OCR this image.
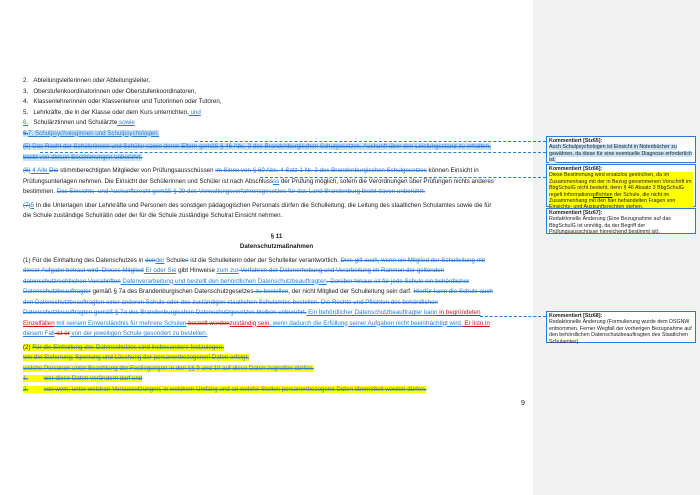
2. Abteilungsleiterinnen oder Abteilungsleiter,
3. Oberstufenkoordinatorinnen oder Oberstufenkoordinatoren,
4. Klassenlehrerinnen oder Klassenlehrer und Tutorinnen oder Tutoren,
5. Lehrkräfte, die in der Klasse oder dem Kurs unterrichten, und
6. Schulärztinnen und Schulärzte sowie
6.7. Schulpsychologinnen und Schulpsychologen.
(5) Das Recht der Schülerinnen und Schüler sowie deren Eltern gemäß § 46 Abs. 3 des Brandenburgischen Schulgesetzes, Auskunft über den Leistungsstand zu erhalten,
bleibt von diesen Bestimmungen unberührt.
(6) 4 Alle Die stimmberechtigten Mitglieder von Prüfungsausschüssen im Sinne von § 60 Abs. 4 Satz 1 Nr. 2 des Brandenburgischen Schulgesetzes können Einsicht in
Prüfungsunterlagen nehmen. Die Einsicht der Schülerinnen und Schüler ist nach Abschlussss der Prüfung möglich, sofern die Verordnungen über Prüfungen nichts anderes
bestimmen. Das Einsichts- und Auskunftsrecht gemäß § 29 des Verwaltungsverfahrensgesetzes für das Land Brandenburg bleibt davon unberührt.
(7)5 In die Unterlagen über Lehrkräfte und Personen des sonstigen pädagogischen Personals dürfen die Schulleitung, die Leitung des staatlichen Schulamtes sowie die für
die Schule zuständige Schulrätin oder der für die Schule zuständige Schulrat Einsicht nehmen.
§ 11
Datenschutzmaßnahmen
(1) Für die Einhaltung des Datenschutzes in dender Schulen ist die Schulleiterin oder der Schulleiter verantwortlich. Dies gilt auch, wenn ein Mitglied der Schulleitung mit
dieser Aufgabe betraut wird. Dieses Mitglied Er oder Sie gibt Hinweise zum zur Verfahren der Datenerhebung und Verarbeitung im Rahmen der geltenden
datenschutzrechtlichen Vorschriften Datenverarbeitung und bestellt den behördlichen Datenschutzbeauftragten. Darüber hinaus ist für jede Schule ein behördlicher
Datenschutzbeauftragter gemäß § 7a des Brandenburgischen Datenschutzgesetzes zu bestellen, der nicht Mitglied der Schulleitung sein darf. Hierfür kann die Schule auch
den Datenschutzbeauftragten einer anderen Schule oder des zuständigen staatlichen Schulamtes bestellen. Die Rechte und Pflichten des behördlichen
Datenschutzbeauftragten gemäß § 7a des Brandenburgischen Datenschutzgesetzes bleiben unberührt. Ein behördlicher Datenschutzbeauftragter kann in begründeten
Einzelfällen mit seinem Einverständnis für mehrere Schulen bestellt werdenzuständig sein, wenn dadurch die Erfüllung seiner Aufgaben nicht beeinträchtigt wird. Er listn in
diesem Fall ist er von der jeweiligen Schule gesondert zu bestellen.
(2) Für die Einhaltung des Datenschutzes sind insbesondere festzulegen:
wie die Sicherung, Sperrung und Löschung der personenbezogenen Daten erfolgt,
welche Personen unter Beachtung der Festlegungen in den §§ 9 und 10 auf diese Daten zugreifen dürfen.
1. wer diese Daten verändern darf und
2. von wem, unter welchen Voraussetzungen, in welchem Umfang und an welche Stellen personenbezogene Daten übermittelt werden dürfen.
9
Kommentiert [Stz65]:
Auch Schulpsychologen ist Einsicht in Notenbücher zu gewähren, da diese für eine eventuelle Diagnose erforderlich ist.
Kommentiert [Stz66]:
Diese Bestimmung wird ersatzlos gestrichen, da im Zusammenhang mit der in Bezug genommenen Vorschrift im BbgSchulG nicht besteht, denn § 46 Absatz 3 BbgSchulG regelt Informationspflichten der Schule, die nicht im Zusammenhang mit den hier behandelten Fragen von
Kommentiert [Stz67]:
Redaktionelle Änderung (Eine Bezugnahme auf das BbgSchulG ist unnötig, da der Begriff der Prüfungsausschüsse hinreichend bestimmt ist).
Kommentiert [Stz68]:
Redaktionelle Änderung (Formulierung wurde dem DSGNW entnommen. Ferner Wegfall der vorherigen Bezugnahme auf den behördlichen Datenschutzbeauftragten des Staatlichen Schulamtes).
